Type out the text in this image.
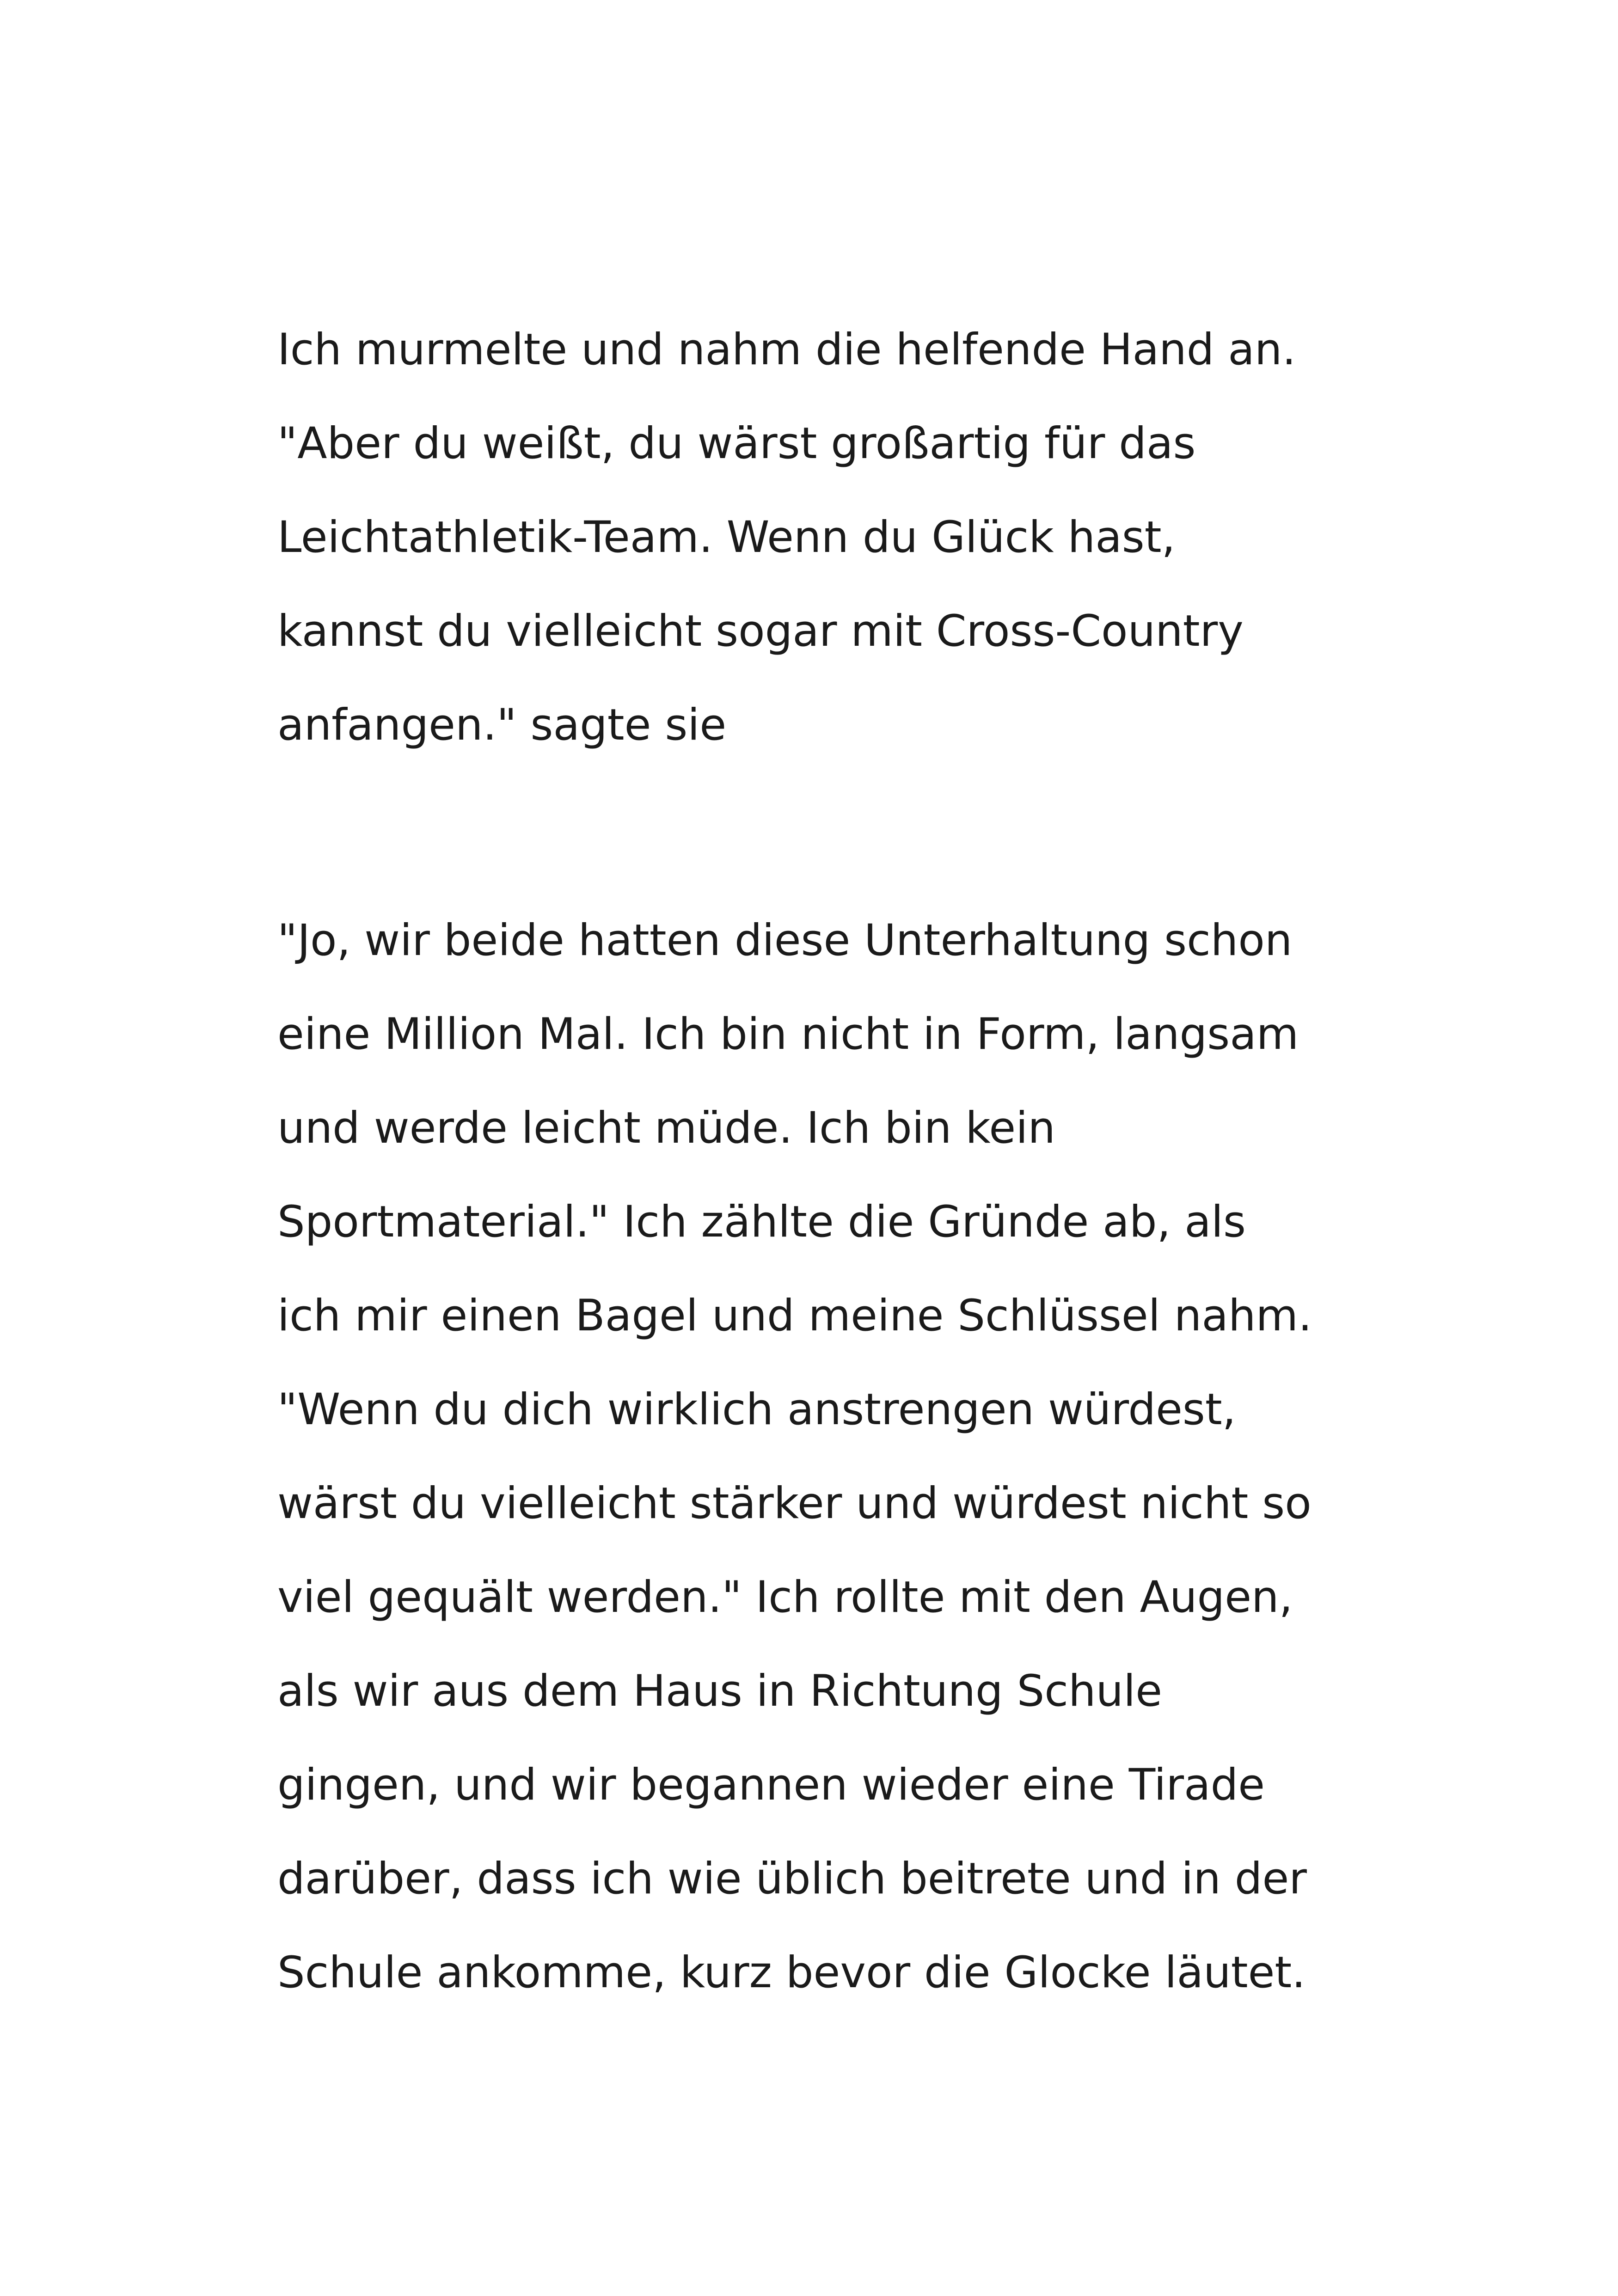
Ich murmelte und nahm die helfende Hand an.
"Aber du weißt, du wärst großartig für das
Leichtathletik-Team. Wenn du Glück hast,
kannst du vielleicht sogar mit Cross-Country
anfangen." sagte sie
"Jo, wir beide hatten diese Unterhaltung schon
eine Million Mal. Ich bin nicht in Form, langsam
und werde leicht müde. Ich bin kein
Sportmaterial." Ich zählte die Gründe ab, als
ich mir einen Bagel und meine Schlüssel nahm.
"Wenn du dich wirklich anstrengen würdest,
wärst du vielleicht stärker und würdest nicht so
viel gequält werden." Ich rollte mit den Augen,
als wir aus dem Haus in Richtung Schule
gingen, und wir begannen wieder eine Tirade
darüber, dass ich wie üblich beitrete und in der
Schule ankomme, kurz bevor die Glocke läutet.
